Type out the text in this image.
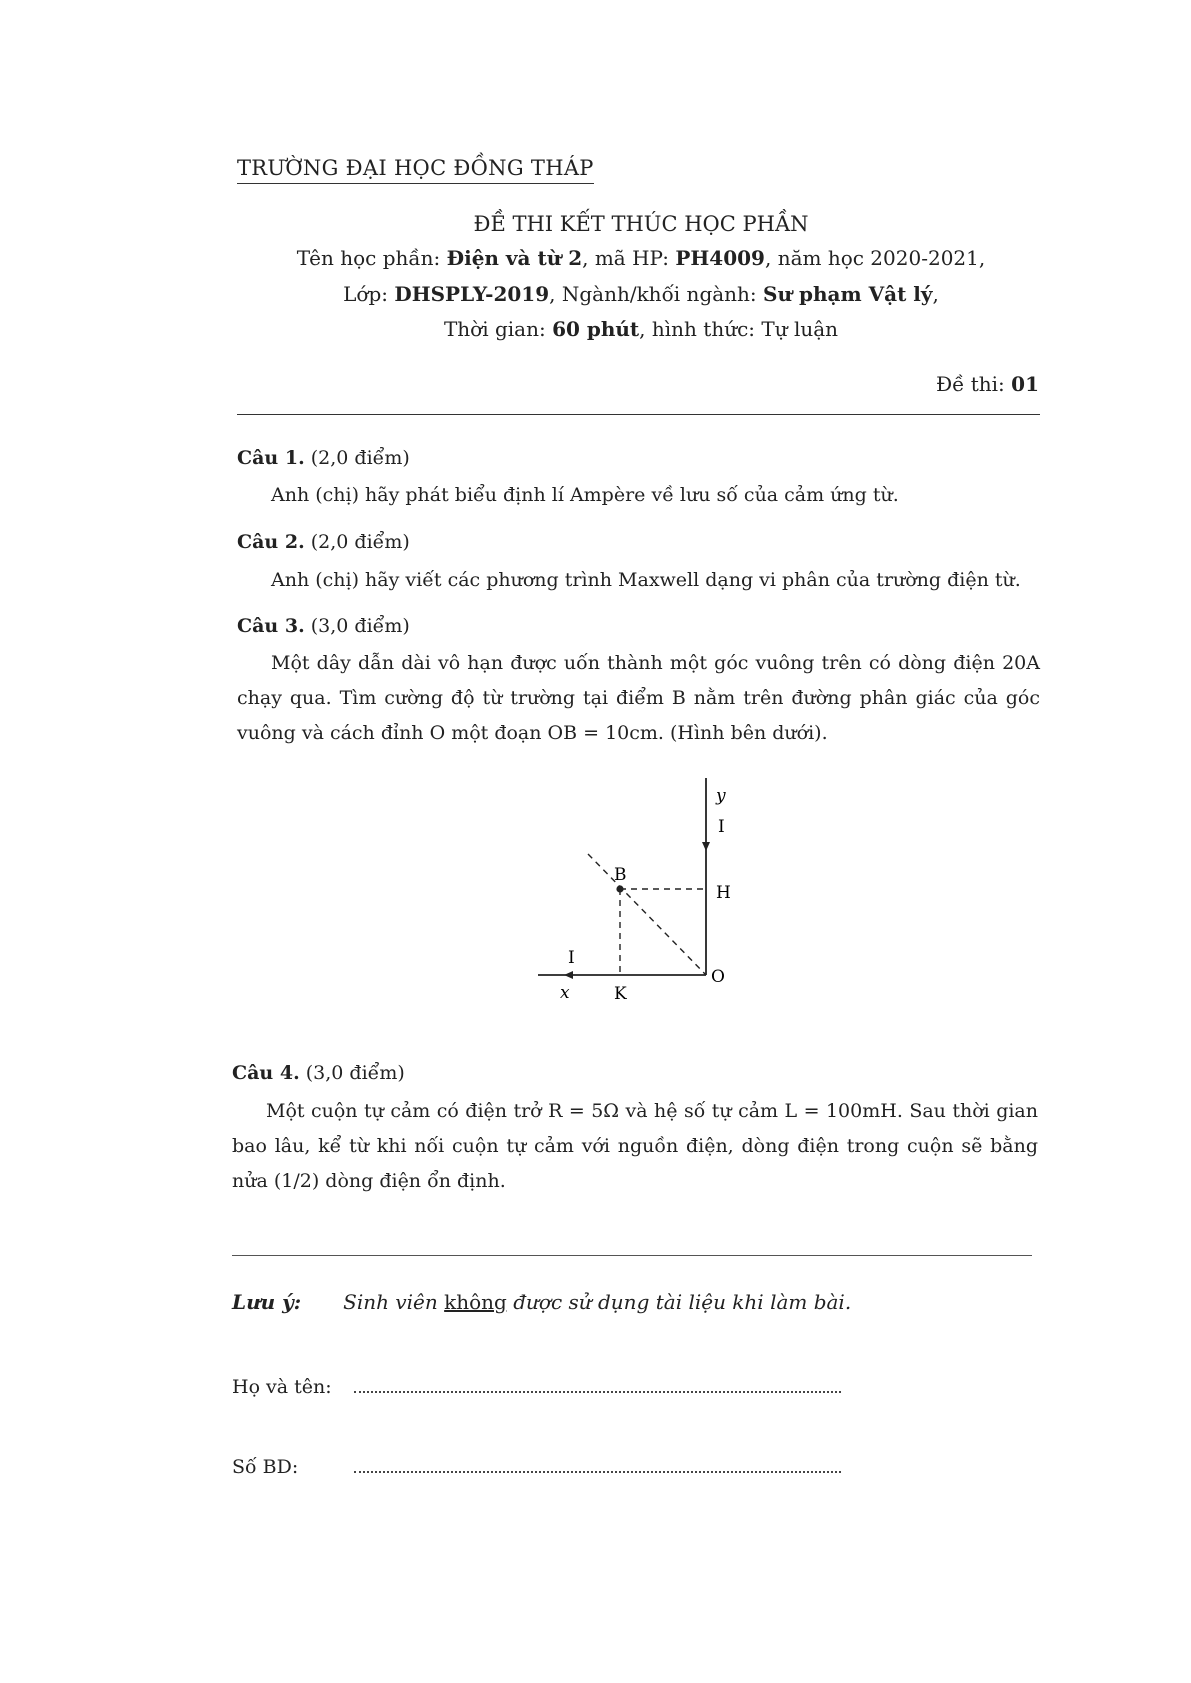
TRƯỜNG ĐẠI HỌC ĐỒNG THÁP
ĐỀ THI KẾT THÚC HỌC PHẦN
Tên học phần: Điện và từ 2, mã HP: PH4009, năm học 2020-2021,
Lớp: DHSPLY-2019, Ngành/khối ngành: Sư phạm Vật lý,
Thời gian: 60 phút, hình thức: Tự luận
Đề thi: 01
Câu 1. (2,0 điểm)
Anh (chị) hãy phát biểu định lí Ampère về lưu số của cảm ứng từ.
Câu 2. (2,0 điểm)
Anh (chị) hãy viết các phương trình Maxwell dạng vi phân của trường điện từ.
Câu 3. (3,0 điểm)
Một dây dẫn dài vô hạn được uốn thành một góc vuông trên có dòng điện 20A chạy qua. Tìm cường độ từ trường tại điểm B nằm trên đường phân giác của góc vuông và cách đỉnh O một đoạn OB = 10cm. (Hình bên dưới).
y
I
B
H
I
O
x	K
Câu 4. (3,0 điểm)
Một cuộn tự cảm có điện trở R = 5Ω và hệ số tự cảm L = 100mH. Sau thời gian bao lâu, kể từ khi nối cuộn tự cảm với nguồn điện, dòng điện trong cuộn sẽ bằng nửa (1/2) dòng điện ổn định.
Lưu ý: Sinh viên không được sử dụng tài liệu khi làm bài.
Họ và tên:
Số BD:
